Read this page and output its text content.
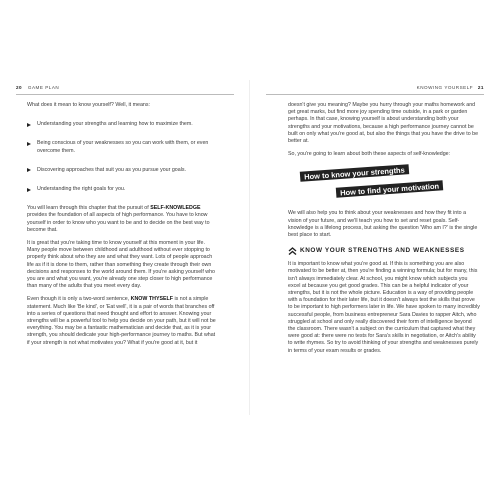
20 GAME PLAN

What does it mean to know yourself? Well, it means:

Understanding your strengths and learning how to maximize them.
Being conscious of your weaknesses so you can work with them, or even overcome them.
Discovering approaches that suit you as you pursue your goals.
Understanding the right goals for you.

You will learn through this chapter that the pursuit of SELF-KNOWLEDGE provides the foundation of all aspects of high performance. You have to know yourself in order to know who you want to be and to decide on the best way to become that.

It is great that you're taking time to know yourself at this moment in your life. Many people move between childhood and adulthood without ever stopping to properly think about who they are and what they want. Lots of people approach life as if it is done to them, rather than something they create through their own decisions and responses to the world around them. If you're asking yourself who you are and what you want, you're already one step closer to high performance than many of the adults that you meet every day.

Even though it is only a two-word sentence, KNOW THYSELF is not a simple statement. Much like 'Be kind', or 'Eat well', it is a pair of words that branches off into a series of questions that need thought and effort to answer. Knowing your strengths will be a powerful tool to help you decide on your path, but it will not be everything. You may be a fantastic mathematician and decide that, as it is your strength, you should dedicate your high-performance journey to maths. But what if your strength is not what motivates you? What if you're good at it, but it

KNOWING YOURSELF 21

doesn't give you meaning? Maybe you hurry through your maths homework and get great marks, but find more joy spending time outside, in a park or garden perhaps. In that case, knowing yourself is about understanding both your strengths and your motivations, because a high performance journey cannot be built on only what you're good at, but also the things that you have the drive to be better at.

So, you're going to learn about both these aspects of self-knowledge:

How to know your strengths
How to find your motivation

We will also help you to think about your weaknesses and how they fit into a vision of your future, and we'll teach you how to set and reset goals. Self-knowledge is a lifelong process, but asking the question 'Who am I?' is the single best place to start.

KNOW YOUR STRENGTHS AND WEAKNESSES

It is important to know what you're good at. If this is something you are also motivated to be better at, then you're finding a winning formula; but for many, this isn't always immediately clear. At school, you might know which subjects you excel at because you get good grades. This can be a helpful indicator of your strengths, but it is not the whole picture. Education is a way of providing people with a foundation for their later life, but it doesn't always test the skills that prove to be important to high performers later in life. We have spoken to many incredibly successful people, from business entrepreneur Sara Davies to rapper Aitch, who struggled at school and only really discovered their form of intelligence beyond the classroom. There wasn't a subject on the curriculum that captured what they were good at: there were no tests for Sara's skills in negotiation, or Aitch's ability to write rhymes. So try to avoid thinking of your strengths and weaknesses purely in terms of your exam results or grades.
